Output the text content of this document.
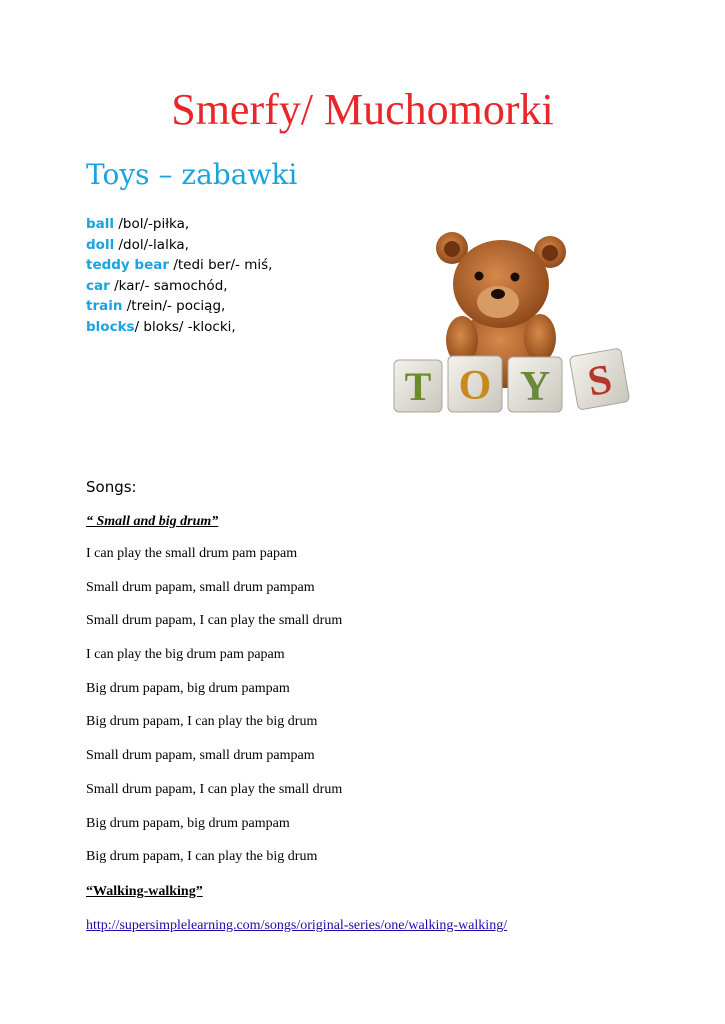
Smerfy/ Muchomorki
Toys – zabawki
ball /bol/-piłka,
doll /dol/-lalka,
teddy bear /tedi ber/- miś,
car /kar/- samochód,
train /trein/- pociąg,
blocks/ bloks/ -klocki,
T O Y S
Songs:
“ Small and big drum”
I can play the small drum pam papam
Small drum papam, small drum pampam
Small drum papam, I can play the small drum
I can play the big drum pam papam
Big drum papam, big drum pampam
Big drum papam, I can play the big drum
Small drum papam, small drum pampam
Small drum papam, I can play the small drum
Big drum papam, big drum pampam
Big drum papam, I can play the big drum
“Walking-walking”
http://supersimplelearning.com/songs/original-series/one/walking-walking/
